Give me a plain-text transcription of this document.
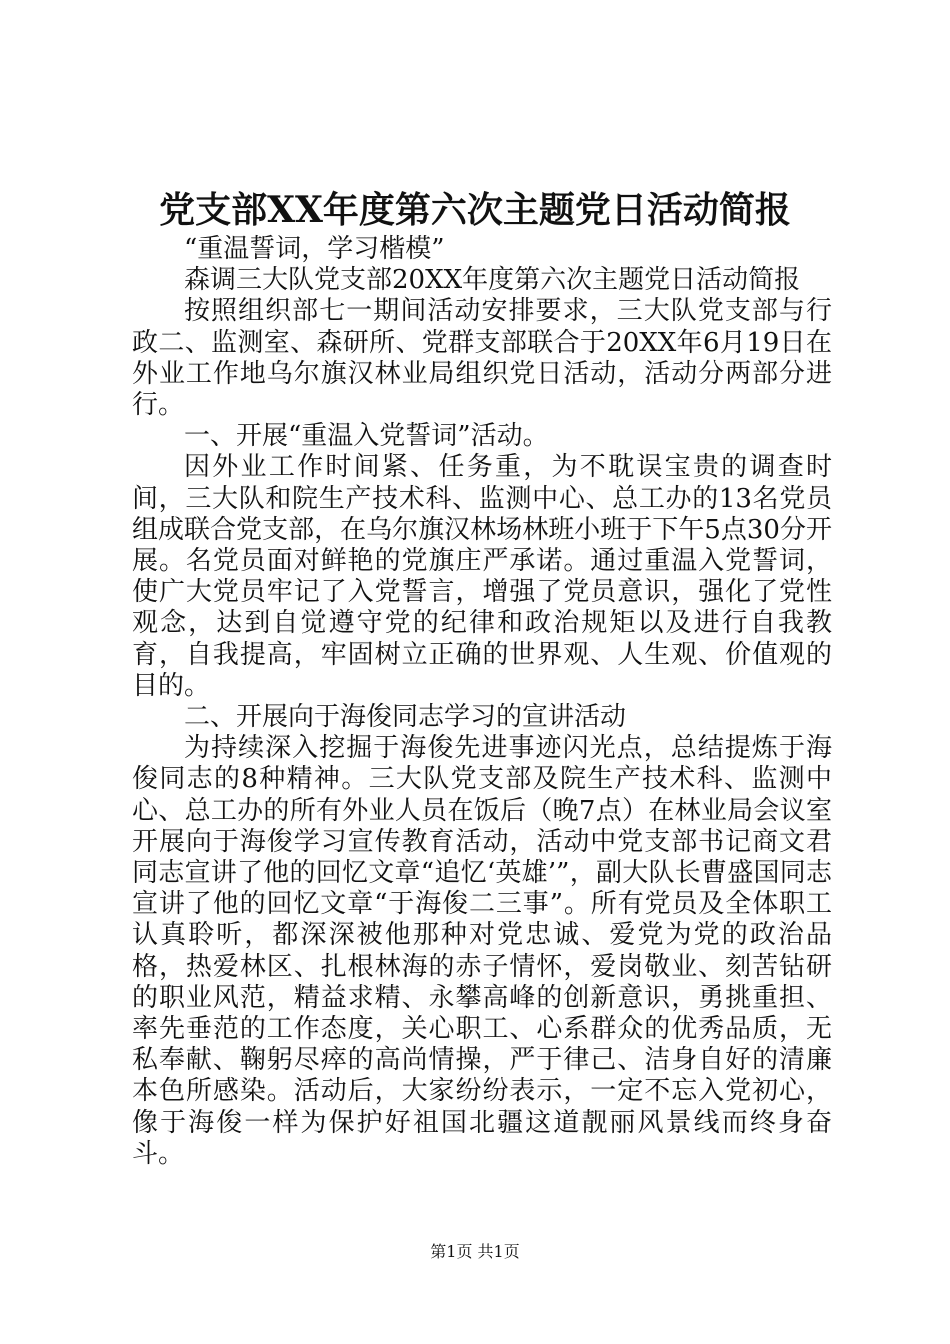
党支部XX年度第六次主题党日活动简报

“重温誓词，学习楷模”

森调三大队党支部20XX年度第六次主题党日活动简报

按照组织部七一期间活动安排要求，三大队党支部与行政二、监测室、森研所、党群支部联合于20XX年6月19日在外业工作地乌尔旗汉林业局组织党日活动，活动分两部分进行。

一、开展“重温入党誓词”活动。

因外业工作时间紧、任务重，为不耽误宝贵的调查时间，三大队和院生产技术科、监测中心、总工办的13名党员组成联合党支部，在乌尔旗汉林场林班小班于下午5点30分开展。名党员面对鲜艳的党旗庄严承诺。通过重温入党誓词，使广大党员牢记了入党誓言，增强了党员意识，强化了党性观念，达到自觉遵守党的纪律和政治规矩以及进行自我教育，自我提高，牢固树立正确的世界观、人生观、价值观的目的。

二、开展向于海俊同志学习的宣讲活动

为持续深入挖掘于海俊先进事迹闪光点，总结提炼于海俊同志的8种精神。三大队党支部及院生产技术科、监测中心、总工办的所有外业人员在饭后（晚7点）在林业局会议室开展向于海俊学习宣传教育活动，活动中党支部书记商文君同志宣讲了他的回忆文章“追忆‘英雄’”，副大队长曹盛国同志宣讲了他的回忆文章“于海俊二三事”。所有党员及全体职工认真聆听，都深深被他那种对党忠诚、爱党为党的政治品格，热爱林区、扎根林海的赤子情怀，爱岗敬业、刻苦钻研的职业风范，精益求精、永攀高峰的创新意识，勇挑重担、率先垂范的工作态度，关心职工、心系群众的优秀品质，无私奉献、鞠躬尽瘁的高尚情操，严于律己、洁身自好的清廉本色所感染。活动后，大家纷纷表示，一定不忘入党初心，像于海俊一样为保护好祖国北疆这道靓丽风景线而终身奋斗。

第1页 共1页
